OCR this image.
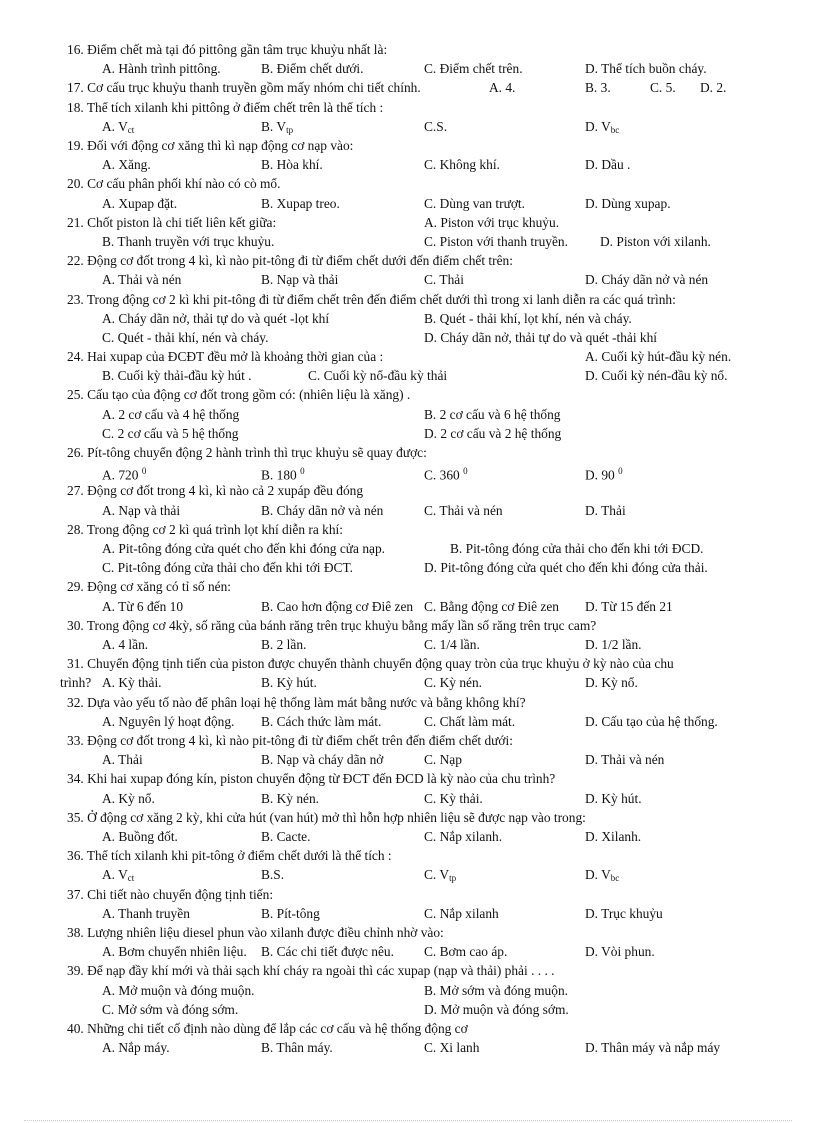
16. Điểm chết mà tại đó pittông gần tâm trục khuỷu nhất là:
A. Hành trình pittông.	B. Điểm chết dưới.	C. Điểm chết trên.	D. Thể tích buồn cháy.
17. Cơ cấu trục khuỷu thanh truyền gồm mấy nhóm chi tiết chính.	A. 4.	B. 3.	C. 5. D. 2.
18. Thể tích xilanh khi pittông ở điểm chết trên là thể tích :
A. $V_{ct}$	B. $V_{tp}$	C.S.	D. $V_{bc}$
19. Đối với động cơ xăng thì kì nạp động cơ nạp vào:
A. Xăng.	B. Hòa khí.	C. Không khí.	D. Dầu .
20. Cơ cấu phân phối khí nào có cò mổ.
A. Xupap đặt.	B. Xupap treo.	C. Dùng van trượt.	D. Dùng xupap.
21. Chốt piston là chi tiết liên kết giữa:	A. Piston với trục khuỷu.
B. Thanh truyền với trục khuỷu.	C. Piston với thanh truyền. D. Piston với xilanh.
22. Động cơ đốt trong 4 kì, kì nào pit-tông đi từ điểm chết dưới đến điểm chết trên:
A. Thải và nén	B. Nạp và thải	C. Thải	D. Cháy dãn nở và nén
23. Trong động cơ 2 kì khi pit-tông đi từ điểm chết trên đến điểm chết dưới thì trong xi lanh diễn ra các quá trình:
A. Cháy dãn nở, thải tự do và quét -lọt khí	B. Quét - thải khí, lọt khí, nén và cháy.
C. Quét - thải khí, nén và cháy.	D. Cháy dãn nở, thải tự do và quét -thải khí
24. Hai xupap của ĐCĐT đều mở là khoảng thời gian của :	A. Cuối kỳ hút-đầu kỳ nén.
B. Cuối kỳ thải-đầu kỳ hút .	C. Cuối kỳ nổ-đầu kỳ thải	D. Cuối kỳ nén-đầu kỳ nổ.
25. Cấu tạo của động cơ đốt trong gồm có: (nhiên liệu là xăng) .
A. 2 cơ cấu và 4 hệ thống	B. 2 cơ cấu và 6 hệ thống
C. 2 cơ cấu và 5 hệ thống	D. 2 cơ cấu và 2 hệ thống
26. Pít-tông chuyển động 2 hành trình thì trục khuỷu sẽ quay được:
A. 720 $^0$	B. 180 $^0$	C. 360 $^0$	D. 90 $^0$
27. Động cơ đốt trong 4 kì, kì nào cả 2 xupáp đều đóng
A. Nạp và thải	B. Cháy dãn nở và nén	C. Thải và nén	D. Thải
28. Trong động cơ 2 kì quá trình lọt khí diễn ra khí:
A. Pit-tông đóng cửa quét cho đến khi đóng cửa nạp.	B. Pit-tông đóng cửa thải cho đến khi tới ĐCD.
C. Pit-tông đóng cửa thải cho đến khi tới ĐCT.	D. Pit-tông đóng cửa quét cho đến khi đóng cửa thải.
29. Động cơ xăng có tỉ số nén:
A. Từ 6 đến 10	B. Cao hơn động cơ Điê zen C. Bằng động cơ Điê zen D. Từ 15 đến 21
30. Trong động cơ 4kỳ, số răng của bánh răng trên trục khuỷu bằng mấy lần số răng trên trục cam?
A. 4 lần.	B. 2 lần.	C. 1/4 lần.	D. 1/2 lần.
31. Chuyển động tịnh tiến của piston được chuyển thành chuyển động quay tròn của trục khuỷu ở kỳ nào của chu
trình? A. Kỳ thải.	B. Kỳ hút.	C. Kỳ nén.	D. Kỳ nổ.
32. Dựa vào yếu tố nào để phân loại hệ thống làm mát bằng nước và bằng không khí?
A. Nguyên lý hoạt động. B. Cách thức làm mát.	C. Chất làm mát.	D. Cấu tạo của hệ thống.
33. Động cơ đốt trong 4 kì, kì nào pit-tông đi từ điểm chết trên đến điểm chết dưới:
A. Thải	B. Nạp và cháy dãn nở	C. Nạp	D. Thải và nén
34. Khi hai xupap đóng kín, piston chuyển động từ ĐCT đến ĐCD là kỳ nào của chu trình?
A. Kỳ nổ.	B. Kỳ nén.	C. Kỳ thải.	D. Kỳ hút.
35. Ở động cơ xăng 2 kỳ, khi cửa hút (van hút) mở thì hỗn hợp nhiên liệu sẽ được nạp vào trong:
A. Buồng đốt.	B. Cacte.	C. Nắp xilanh.	D. Xilanh.
36. Thể tích xilanh khi pit-tông ở điểm chết dưới là thể tích :
A. $V_{ct}$	B.S.	C. $V_{tp}$	D. $V_{bc}$
37. Chi tiết nào chuyển động tịnh tiến:
A. Thanh truyền	B. Pít-tông	C. Nắp xilanh	D. Trục khuỷu
38. Lượng nhiên liệu diesel phun vào xilanh được điều chỉnh nhờ vào:
A. Bơm chuyển nhiên liệu. B. Các chi tiết được nêu. C. Bơm cao áp.	D. Vòi phun.
39. Để nạp đầy khí mới và thải sạch khí cháy ra ngoài thì các xupap (nạp và thải) phải . . . .
A. Mở muộn và đóng muộn.	B. Mở sớm và đóng muộn.
C. Mở sớm và đóng sớm.	D. Mở muộn và đóng sớm.
40. Những chi tiết cố định nào dùng để lắp các cơ cấu và hệ thống động cơ
A. Nắp máy.	B. Thân máy.	C. Xi lanh	D. Thân máy và nắp máy
